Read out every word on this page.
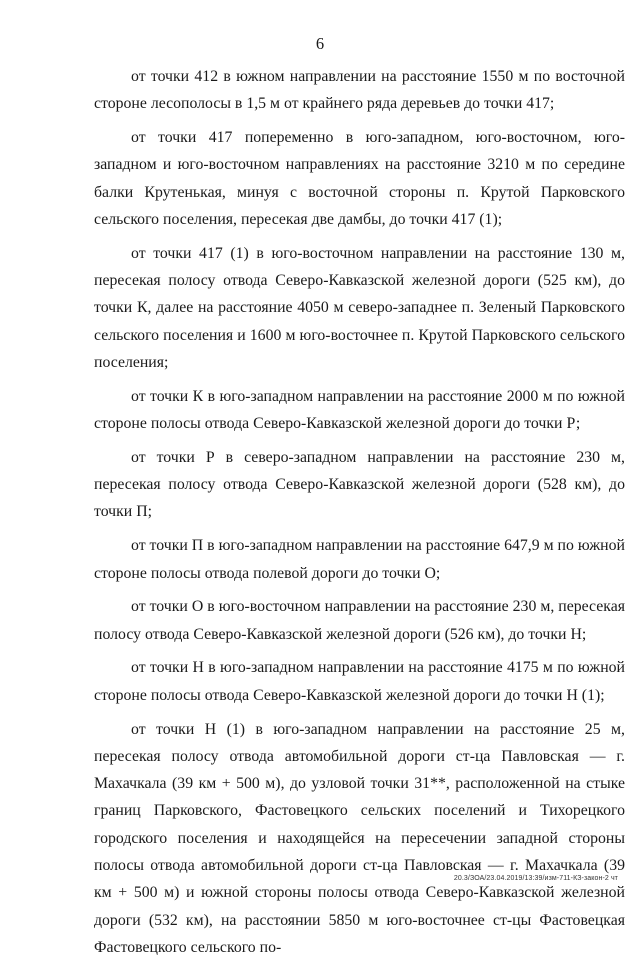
6

от точки 412 в южном направлении на расстояние 1550 м по восточной стороне лесополосы в 1,5 м от крайнего ряда деревьев до точки 417;

от точки 417 попеременно в юго-западном, юго-восточном, юго-западном и юго-восточном направлениях на расстояние 3210 м по середине балки Крутенькая, минуя с восточной стороны п. Крутой Парковского сельского поселения, пересекая две дамбы, до точки 417 (1);

от точки 417 (1) в юго-восточном направлении на расстояние 130 м, пересекая полосу отвода Северо-Кавказской железной дороги (525 км), до точки К, далее на расстояние 4050 м северо-западнее п. Зеленый Парковского сельского поселения и 1600 м юго-восточнее п. Крутой Парковского сельского поселения;

от точки К в юго-западном направлении на расстояние 2000 м по южной стороне полосы отвода Северо-Кавказской железной дороги до точки Р;

от точки Р в северо-западном направлении на расстояние 230 м, пересекая полосу отвода Северо-Кавказской железной дороги (528 км), до точки П;

от точки П в юго-западном направлении на расстояние 647,9 м по южной стороне полосы отвода полевой дороги до точки О;

от точки О в юго-восточном направлении на расстояние 230 м, пересекая полосу отвода Северо-Кавказской железной дороги (526 км), до точки Н;

от точки Н в юго-западном направлении на расстояние 4175 м по южной стороне полосы отвода Северо-Кавказской железной дороги до точки Н (1);

от точки Н (1) в юго-западном направлении на расстояние 25 м, пересекая полосу отвода автомобильной дороги ст-ца Павловская — г. Махачкала (39 км + 500 м), до узловой точки 31**, расположенной на стыке границ Парковского, Фастовецкого сельских поселений и Тихорецкого городского поселения и находящейся на пересечении западной стороны полосы отвода автомобильной дороги ст-ца Павловская — г. Махачкала (39 км + 500 м) и южной стороны полосы отвода Северо-Кавказской железной дороги (532 км), на расстоянии 5850 м юго-восточнее ст-цы Фастовецкая Фастовецкого сельского по-

20.3/ЗОА/23.04.2019/13:39/изм-711-КЗ-закон-2 чт
